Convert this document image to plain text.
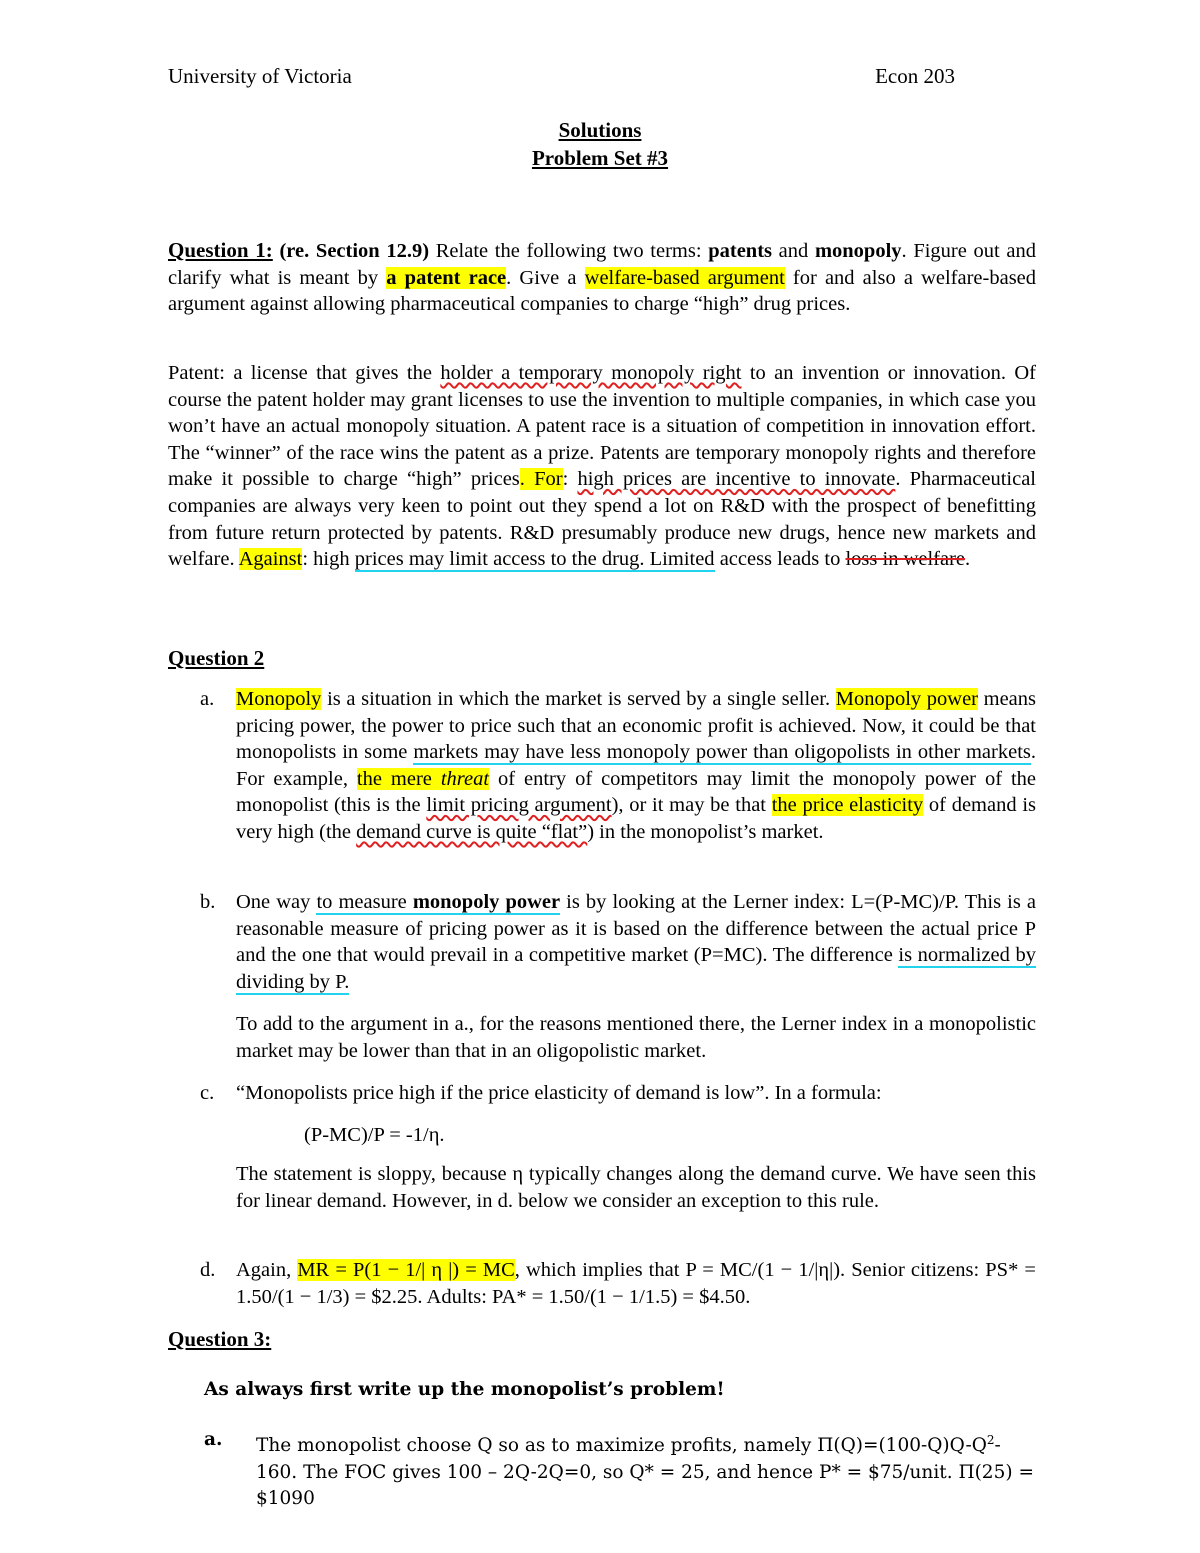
University of Victoria	Econ 203
Solutions
Problem Set #3
Question 1: (re. Section 12.9) Relate the following two terms: patents and monopoly. Figure out and clarify what is meant by a patent race. Give a welfare-based argument for and also a welfare-based argument against allowing pharmaceutical companies to charge “high” drug prices.
Patent: a license that gives the holder a temporary monopoly right to an invention or innovation. Of course the patent holder may grant licenses to use the invention to multiple companies, in which case you won’t have an actual monopoly situation. A patent race is a situation of competition in innovation effort. The “winner” of the race wins the patent as a prize. Patents are temporary monopoly rights and therefore make it possible to charge “high” prices. For: high prices are incentive to innovate. Pharmaceutical companies are always very keen to point out they spend a lot on R&D with the prospect of benefitting from future return protected by patents. R&D presumably produce new drugs, hence new markets and welfare. Against: high prices may limit access to the drug. Limited access leads to loss in welfare.
Question 2
a.	Monopoly is a situation in which the market is served by a single seller. Monopoly power means pricing power, the power to price such that an economic profit is achieved. Now, it could be that monopolists in some markets may have less monopoly power than oligopolists in other markets. For example, the mere threat of entry of competitors may limit the monopoly power of the monopolist (this is the limit pricing argument), or it may be that the price elasticity of demand is very high (the demand curve is quite “flat”) in the monopolist’s market.
b.	One way to measure monopoly power is by looking at the Lerner index: L=(P-MC)/P. This is a reasonable measure of pricing power as it is based on the difference between the actual price P and the one that would prevail in a competitive market (P=MC). The difference is normalized by dividing by P.
To add to the argument in a., for the reasons mentioned there, the Lerner index in a monopolistic market may be lower than that in an oligopolistic market.
c.	“Monopolists price high if the price elasticity of demand is low”. In a formula:
(P-MC)/P = -1/η.
The statement is sloppy, because η typically changes along the demand curve. We have seen this for linear demand. However, in d. below we consider an exception to this rule.
d.	Again, MR = P(1 − 1/| η |) = MC, which implies that P = MC/(1 − 1/|η|). Senior citizens: PS* = 1.50/(1 − 1/3) = $2.25. Adults: PA* = 1.50/(1 − 1/1.5) = $4.50.
Question 3:
As always first write up the monopolist’s problem!
a.	The monopolist choose Q so as to maximize profits, namely $\Pi(Q)=(100-Q)Q-Q^2-160$. The FOC gives 100 – 2Q-2Q=0, so Q* = 25, and hence P* = $75/unit. Π(25) = $1090
